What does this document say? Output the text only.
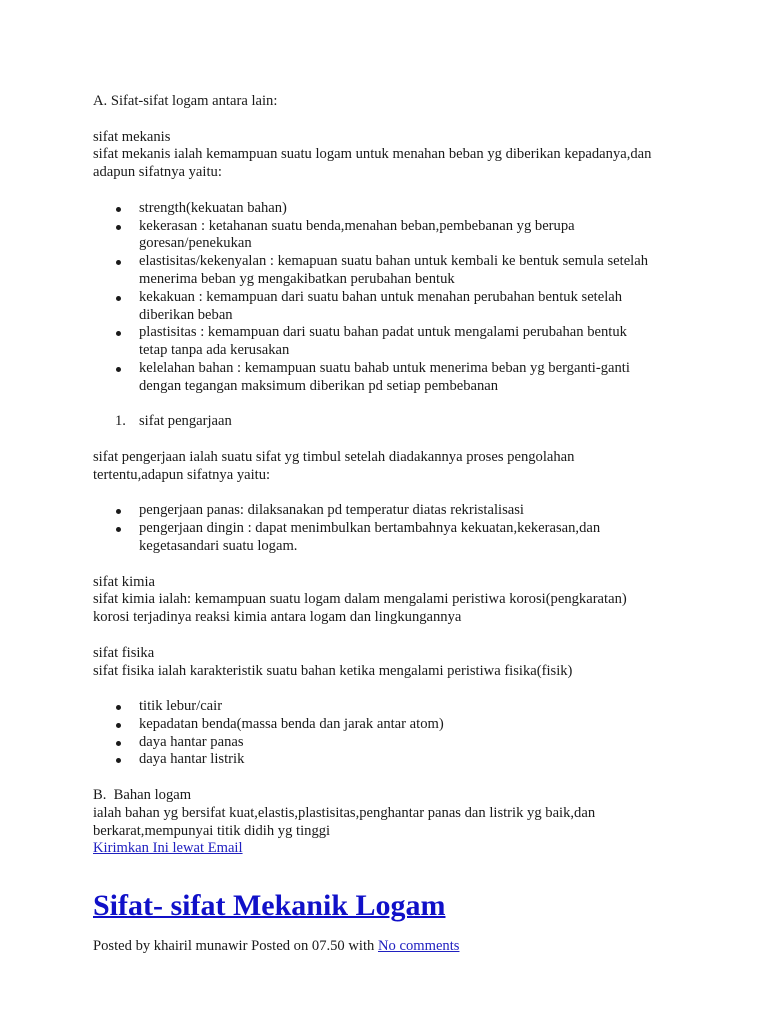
A. Sifat-sifat logam antara lain:

sifat mekanis

sifat mekanis ialah kemampuan suatu logam untuk menahan beban yg diberikan kepadanya,dan adapun sifatnya yaitu:

strength(kekuatan bahan)
kekerasan : ketahanan suatu benda,menahan beban,pembebanan yg berupa goresan/penekukan
elastisitas/kekenyalan : kemapuan suatu bahan untuk kembali ke bentuk semula setelah menerima beban yg mengakibatkan perubahan bentuk
kekakuan : kemampuan dari suatu bahan untuk menahan perubahan bentuk setelah diberikan beban
plastisitas : kemampuan dari suatu bahan padat untuk mengalami perubahan bentuk tetap tanpa ada kerusakan
kelelahan bahan : kemampuan suatu bahab untuk menerima beban yg berganti-ganti dengan tegangan maksimum diberikan pd setiap pembebanan
1. sifat pengarjaan

sifat pengerjaan ialah suatu sifat yg timbul setelah diadakannya proses pengolahan tertentu,adapun sifatnya yaitu:

pengerjaan panas: dilaksanakan pd temperatur diatas rekristalisasi
pengerjaan dingin : dapat menimbulkan bertambahnya kekuatan,kekerasan,dan kegetasandari suatu logam.

sifat kimia

sifat kimia ialah: kemampuan suatu logam dalam mengalami peristiwa korosi(pengkaratan)

korosi terjadinya reaksi kimia antara logam dan lingkungannya

sifat fisika

sifat fisika ialah karakteristik suatu bahan ketika mengalami peristiwa fisika(fisik)

titik lebur/cair
kepadatan benda(massa benda dan jarak antar atom)
daya hantar panas
daya hantar listrik

B.  Bahan logam

ialah bahan yg bersifat kuat,elastis,plastisitas,penghantar panas dan listrik yg baik,dan berkarat,mempunyai titik didih yg tinggi

Kirimkan Ini lewat Email

Sifat- sifat Mekanik Logam

Posted by khairil munawir Posted on 07.50 with No comments
